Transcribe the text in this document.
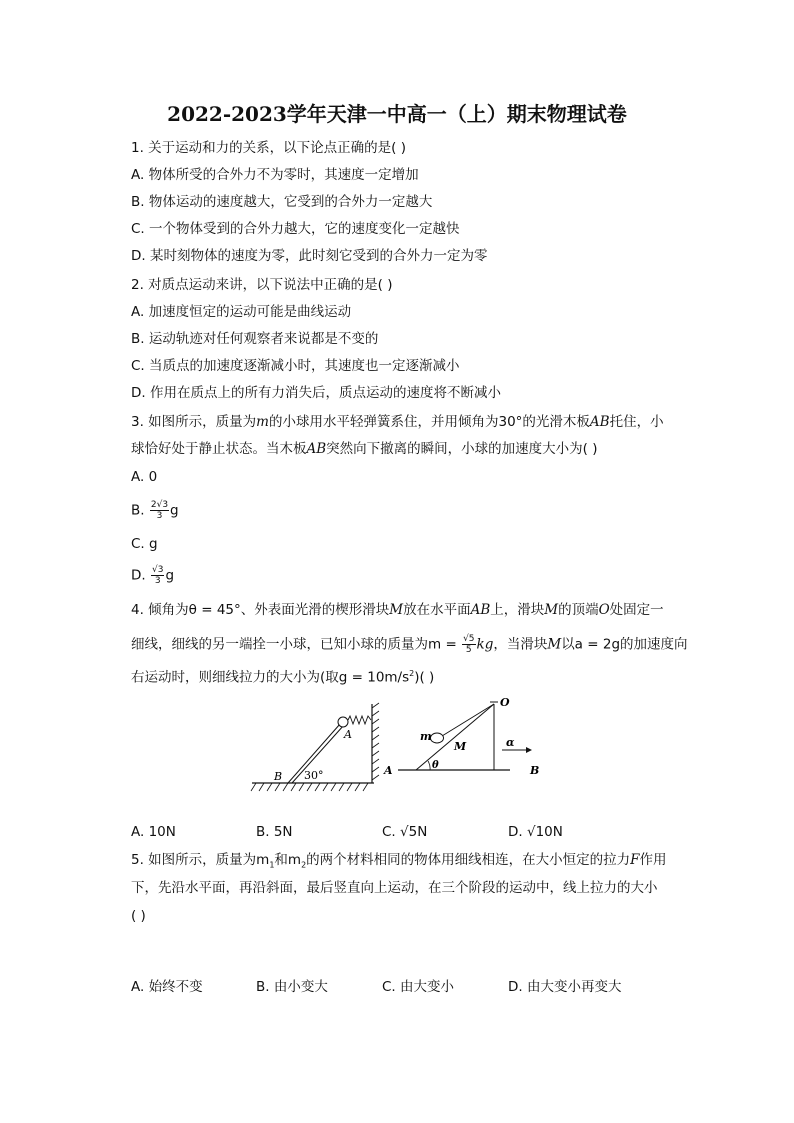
2022-2023学年天津一中高一（上）期末物理试卷
1. 关于运动和力的关系，以下论点正确的是( )
A. 物体所受的合外力不为零时，其速度一定增加
B. 物体运动的速度越大，它受到的合外力一定越大
C. 一个物体受到的合外力越大，它的速度变化一定越快
D. 某时刻物体的速度为零，此时刻它受到的合外力一定为零
2. 对质点运动来讲，以下说法中正确的是( )
A. 加速度恒定的运动可能是曲线运动
B. 运动轨迹对任何观察者来说都是不变的
C. 当质点的加速度逐渐减小时，其速度也一定逐渐减小
D. 作用在质点上的所有力消失后，质点运动的速度将不断减小
3. 如图所示，质量为m的小球用水平轻弹簧系住，并用倾角为30°的光滑木板AB托住，小
球恰好处于静止状态。当木板AB突然向下撤离的瞬间，小球的加速度大小为( )
A. 0
B. $\frac{2√3}{3}$ g
C. g
D. $\frac{√3}{3}$ g
4. 倾角为θ = 45°、外表面光滑的楔形滑块M放在水平面AB上，滑块M的顶端O处固定一
细线，细线的另一端拴一小球，已知小球的质量为$m = \frac{√5}{5}$ kg，当滑块M以a = 2g的加速度向
右运动时，则细线拉力的大小为(取$g = 10m/s^2$)( )
A
B 30°
O
m
M
A	B
θ
α
A. 10N	B. 5N	C. √5N	D. √10N
5. 如图所示，质量为$m_1$和$m_2$的两个材料相同的物体用细线相连，在大小恒定的拉力F作用
下，先沿水平面，再沿斜面，最后竖直向上运动，在三个阶段的运动中，线上拉力的大小
( )
A. 始终不变	B. 由小变大	C. 由大变小	D. 由大变小再变大
